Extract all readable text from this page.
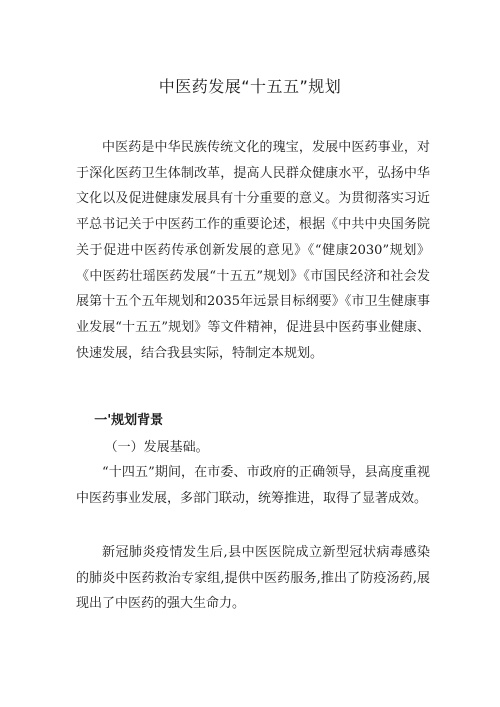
中医药发展“十五五”规划

中医药是中华民族传统文化的瑰宝，发展中医药事业，对于深化医药卫生体制改革，提高人民群众健康水平，弘扬中华文化以及促进健康发展具有十分重要的意义。为贯彻落实习近平总书记关于中医药工作的重要论述，根据《中共中央国务院关于促进中医药传承创新发展的意见》《“健康2030”规划》《中医药壮瑶医药发展“十五五”规划》《市国民经济和社会发展第十五个五年规划和2035年远景目标纲要》《市卫生健康事业发展“十五五”规划》等文件精神，促进县中医药事业健康、快速发展，结合我县实际，特制定本规划。

一'规划背景

（一）发展基础。

“十四五”期间，在市委、市政府的正确领导，县高度重视中医药事业发展，多部门联动，统筹推进，取得了显著成效。

新冠肺炎疫情发生后,县中医医院成立新型冠状病毒感染的肺炎中医药救治专家组,提供中医药服务,推出了防疫汤药,展现出了中医药的强大生命力。
